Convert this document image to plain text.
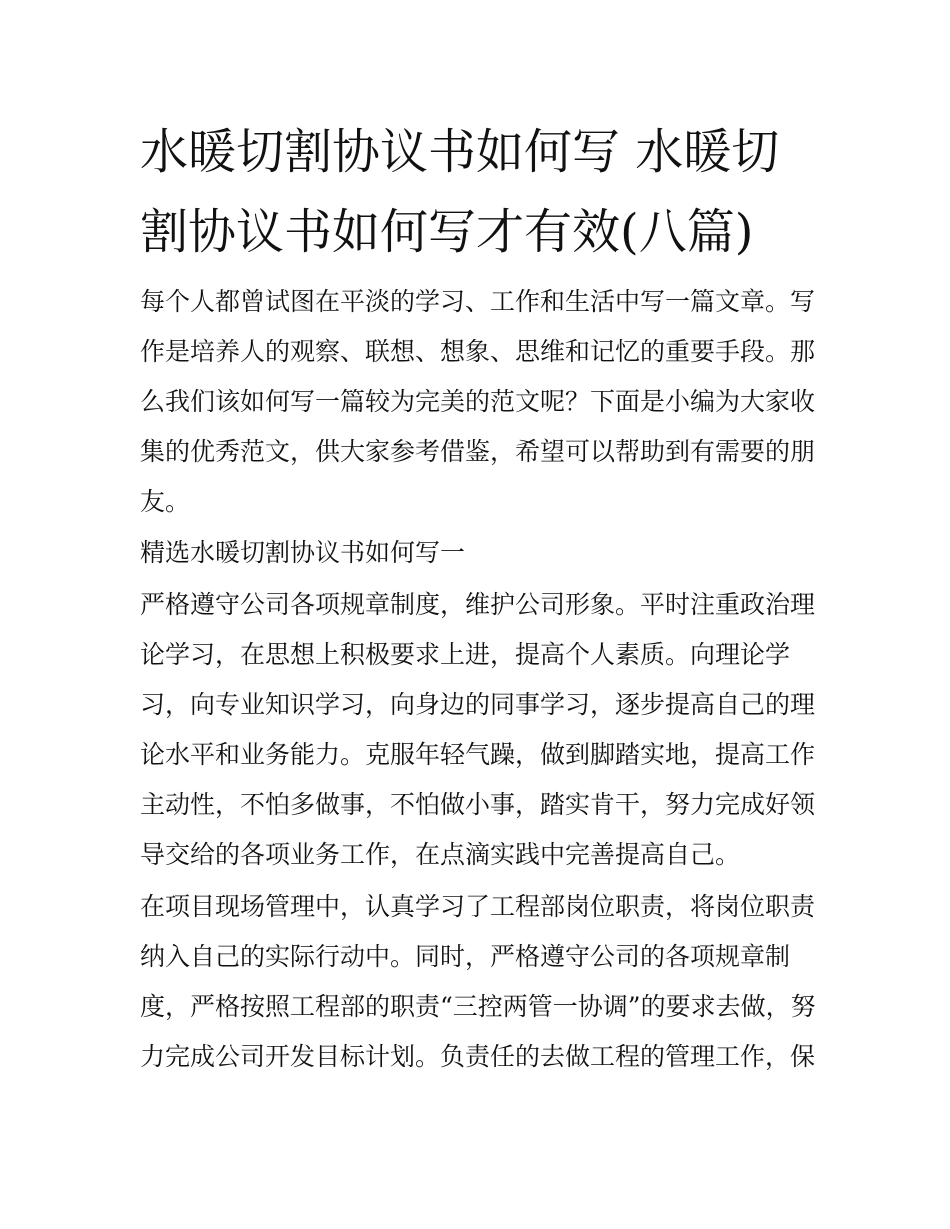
水暖切割协议书如何写 水暖切
割协议书如何写才有效(八篇)
每个人都曾试图在平淡的学习、工作和生活中写一篇文章。写
作是培养人的观察、联想、想象、思维和记忆的重要手段。那
么我们该如何写一篇较为完美的范文呢？下面是小编为大家收
集的优秀范文，供大家参考借鉴，希望可以帮助到有需要的朋
友。
精选水暖切割协议书如何写一
严格遵守公司各项规章制度，维护公司形象。平时注重政治理
论学习，在思想上积极要求上进，提高个人素质。向理论学
习，向专业知识学习，向身边的同事学习，逐步提高自己的理
论水平和业务能力。克服年轻气躁，做到脚踏实地，提高工作
主动性，不怕多做事，不怕做小事，踏实肯干，努力完成好领
导交给的各项业务工作，在点滴实践中完善提高自己。
在项目现场管理中，认真学习了工程部岗位职责，将岗位职责
纳入自己的实际行动中。同时，严格遵守公司的各项规章制
度，严格按照工程部的职责“三控两管一协调”的要求去做，努
力完成公司开发目标计划。负责任的去做工程的管理工作，保
